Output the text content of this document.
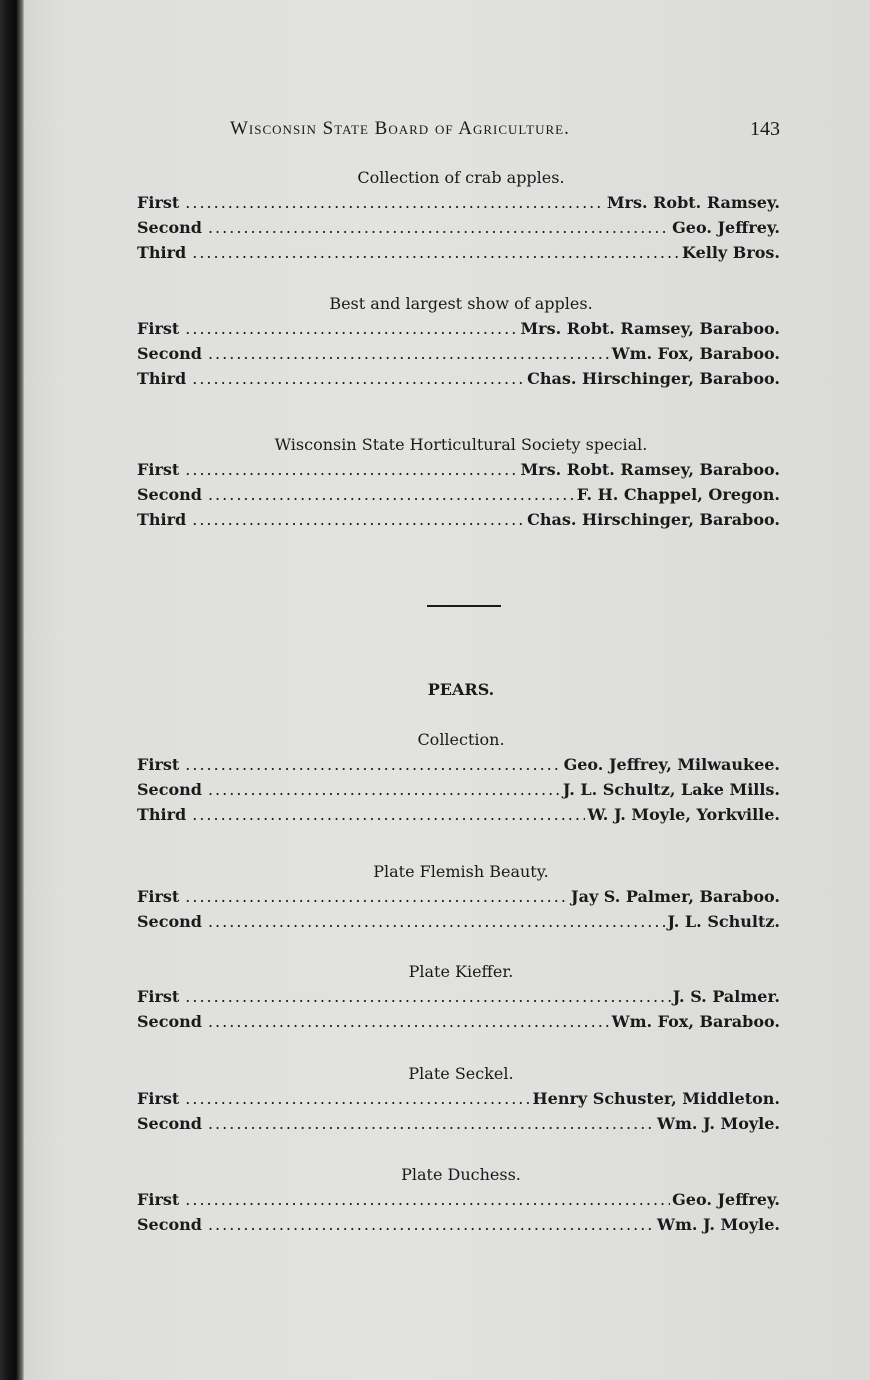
Wisconsin State Board of Agriculture.	143
Collection of crab apples.
First .....	Mrs. Robt. Ramsey.
Second .....	Geo. Jeffrey.
Third .....	Kelly Bros.
Best and largest show of apples.
First .....	Mrs. Robt. Ramsey, Baraboo.
Second .....	Wm. Fox, Baraboo.
Third .....	Chas. Hirschinger, Baraboo.
Wisconsin State Horticultural Society special.
First .....	Mrs. Robt. Ramsey, Baraboo.
Second .....	F. H. Chappel, Oregon.
Third .....	Chas. Hirschinger, Baraboo.
PEARS.
Collection.
First .....	Geo. Jeffrey, Milwaukee.
Second .....	J. L. Schultz, Lake Mills.
Third .....	W. J. Moyle, Yorkville.
Plate Flemish Beauty.
First .....	Jay S. Palmer, Baraboo.
Second .....	J. L. Schultz.
Plate Kieffer.
First .....	J. S. Palmer.
Second .....	Wm. Fox, Baraboo.
Plate Seckel.
First .....	Henry Schuster, Middleton.
Second .....	Wm. J. Moyle.
Plate Duchess.
First .....	Geo. Jeffrey.
Second .....	Wm. J. Moyle.
